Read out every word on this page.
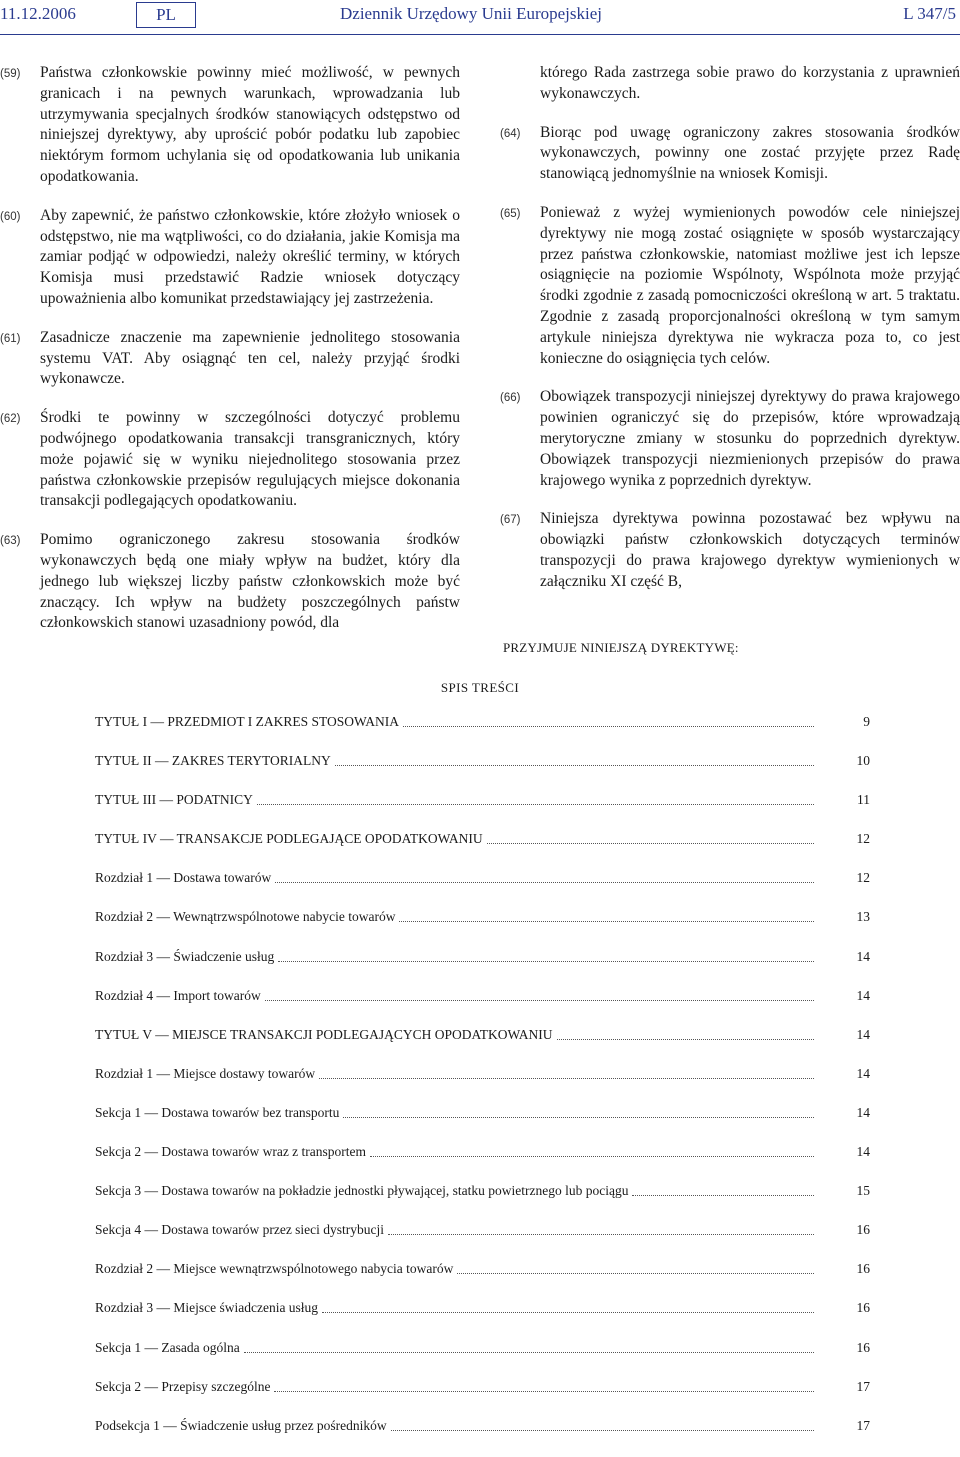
11.12.2006	PL	Dziennik Urzędowy Unii Europejskiej	L 347/5
(59)	Państwa członkowskie powinny mieć możliwość, w pewnych granicach i na pewnych warunkach, wprowadzania lub utrzymywania specjalnych środków stanowiących odstępstwo od niniejszej dyrektywy, aby uprościć pobór podatku lub zapobiec niektórym formom uchylania się od opodatkowania lub unikania opodatkowania.
(60)	Aby zapewnić, że państwo członkowskie, które złożyło wniosek o odstępstwo, nie ma wątpliwości, co do działania, jakie Komisja ma zamiar podjąć w odpowiedzi, należy określić terminy, w których Komisja musi przedstawić Radzie wniosek dotyczący upoważnienia albo komunikat przedstawiający jej zastrzeżenia.
(61)	Zasadnicze znaczenie ma zapewnienie jednolitego stosowania systemu VAT. Aby osiągnąć ten cel, należy przyjąć środki wykonawcze.
(62)	Środki te powinny w szczególności dotyczyć problemu podwójnego opodatkowania transakcji transgranicznych, który może pojawić się w wyniku niejednolitego stosowania przez państwa członkowskie przepisów regulujących miejsce dokonania transakcji podlegających opodatkowaniu.
(63)	Pomimo ograniczonego zakresu stosowania środków wykonawczych będą one miały wpływ na budżet, który dla jednego lub większej liczby państw członkowskich może być znaczący. Ich wpływ na budżety poszczególnych państw członkowskich stanowi uzasadniony powód, dla
którego Rada zastrzega sobie prawo do korzystania z uprawnień wykonawczych.
(64)	Biorąc pod uwagę ograniczony zakres stosowania środków wykonawczych, powinny one zostać przyjęte przez Radę stanowiącą jednomyślnie na wniosek Komisji.
(65)	Ponieważ z wyżej wymienionych powodów cele niniejszej dyrektywy nie mogą zostać osiągnięte w sposób wystarczający przez państwa członkowskie, natomiast możliwe jest ich lepsze osiągnięcie na poziomie Wspólnoty, Wspólnota może przyjąć środki zgodnie z zasadą pomocniczości określoną w art. 5 traktatu. Zgodnie z zasadą proporcjonalności określoną w tym samym artykule niniejsza dyrektywa nie wykracza poza to, co jest konieczne do osiągnięcia tych celów.
(66)	Obowiązek transpozycji niniejszej dyrektywy do prawa krajowego powinien ograniczyć się do przepisów, które wprowadzają merytoryczne zmiany w stosunku do poprzednich dyrektyw. Obowiązek transpozycji niezmienionych przepisów do prawa krajowego wynika z poprzednich dyrektyw.
(67)	Niniejsza dyrektywa powinna pozostawać bez wpływu na obowiązki państw członkowskich dotyczących terminów transpozycji do prawa krajowego dyrektyw wymienionych w załączniku XI część B,
PRZYJMUJE NINIEJSZĄ DYREKTYWĘ:
SPIS TREŚCI
TYTUŁ I — PRZEDMIOT I ZAKRES STOSOWANIA	9
TYTUŁ II — ZAKRES TERYTORIALNY	10
TYTUŁ III — PODATNICY	11
TYTUŁ IV — TRANSAKCJE PODLEGAJĄCE OPODATKOWANIU	12
Rozdział 1 — Dostawa towarów	12
Rozdział 2 — Wewnątrzwspólnotowe nabycie towarów	13
Rozdział 3 — Świadczenie usług	14
Rozdział 4 — Import towarów	14
TYTUŁ V — MIEJSCE TRANSAKCJI PODLEGAJĄCYCH OPODATKOWANIU	14
Rozdział 1 — Miejsce dostawy towarów	14
Sekcja 1 — Dostawa towarów bez transportu	14
Sekcja 2 — Dostawa towarów wraz z transportem	14
Sekcja 3 — Dostawa towarów na pokładzie jednostki pływającej, statku powietrznego lub pociągu	15
Sekcja 4 — Dostawa towarów przez sieci dystrybucji	16
Rozdział 2 — Miejsce wewnątrzwspólnotowego nabycia towarów	16
Rozdział 3 — Miejsce świadczenia usług	16
Sekcja 1 — Zasada ogólna	16
Sekcja 2 — Przepisy szczególne	17
Podsekcja 1 — Świadczenie usług przez pośredników	17
